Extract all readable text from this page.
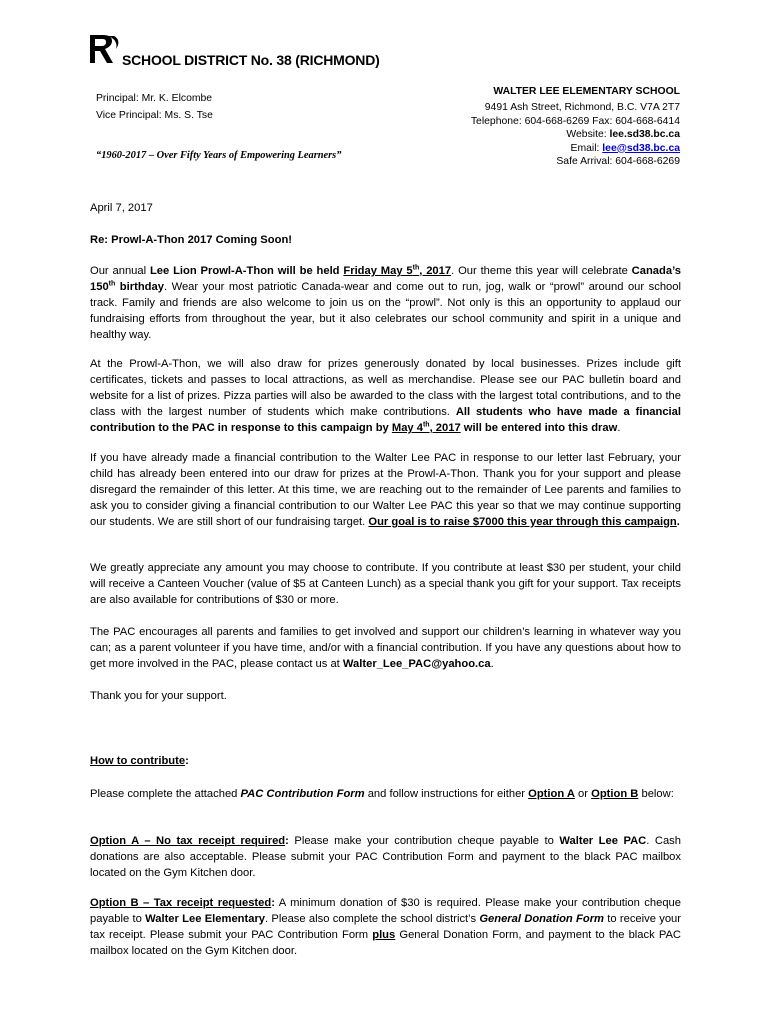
SCHOOL DISTRICT No. 38 (RICHMOND)
Principal: Mr. K. Elcombe
Vice Principal: Ms. S. Tse
“1960-2017 – Over Fifty Years of Empowering Learners”
WALTER LEE ELEMENTARY SCHOOL
9491 Ash Street, Richmond, B.C. V7A 2T7
Telephone: 604-668-6269 Fax: 604-668-6414
Website: lee.sd38.bc.ca
Email: lee@sd38.bc.ca
Safe Arrival: 604-668-6269
April 7, 2017
Re: Prowl-A-Thon 2017 Coming Soon!

Our annual Lee Lion Prowl-A-Thon will be held Friday May 5th, 2017. Our theme this year will celebrate Canada’s 150th birthday. Wear your most patriotic Canada-wear and come out to run, jog, walk or “prowl” around our school track. Family and friends are also welcome to join us on the “prowl”. Not only is this an opportunity to applaud our fundraising efforts from throughout the year, but it also celebrates our school community and spirit in a unique and healthy way.

At the Prowl-A-Thon, we will also draw for prizes generously donated by local businesses. Prizes include gift certificates, tickets and passes to local attractions, as well as merchandise. Please see our PAC bulletin board and website for a list of prizes. Pizza parties will also be awarded to the class with the largest total contributions, and to the class with the largest number of students which make contributions. All students who have made a financial contribution to the PAC in response to this campaign by May 4th, 2017 will be entered into this draw.

If you have already made a financial contribution to the Walter Lee PAC in response to our letter last February, your child has already been entered into our draw for prizes at the Prowl-A-Thon. Thank you for your support and please disregard the remainder of this letter. At this time, we are reaching out to the remainder of Lee parents and families to ask you to consider giving a financial contribution to our Walter Lee PAC this year so that we may continue supporting our students. We are still short of our fundraising target. Our goal is to raise $7000 this year through this campaign.

We greatly appreciate any amount you may choose to contribute. If you contribute at least $30 per student, your child will receive a Canteen Voucher (value of $5 at Canteen Lunch) as a special thank you gift for your support. Tax receipts are also available for contributions of $30 or more.

The PAC encourages all parents and families to get involved and support our children’s learning in whatever way you can; as a parent volunteer if you have time, and/or with a financial contribution. If you have any questions about how to get more involved in the PAC, please contact us at Walter_Lee_PAC@yahoo.ca.

Thank you for your support.
How to contribute:

Please complete the attached PAC Contribution Form and follow instructions for either Option A or Option B below:

Option A – No tax receipt required: Please make your contribution cheque payable to Walter Lee PAC. Cash donations are also acceptable. Please submit your PAC Contribution Form and payment to the black PAC mailbox located on the Gym Kitchen door.

Option B – Tax receipt requested: A minimum donation of $30 is required. Please make your contribution cheque payable to Walter Lee Elementary. Please also complete the school district’s General Donation Form to receive your tax receipt. Please submit your PAC Contribution Form plus General Donation Form, and payment to the black PAC mailbox located on the Gym Kitchen door.
